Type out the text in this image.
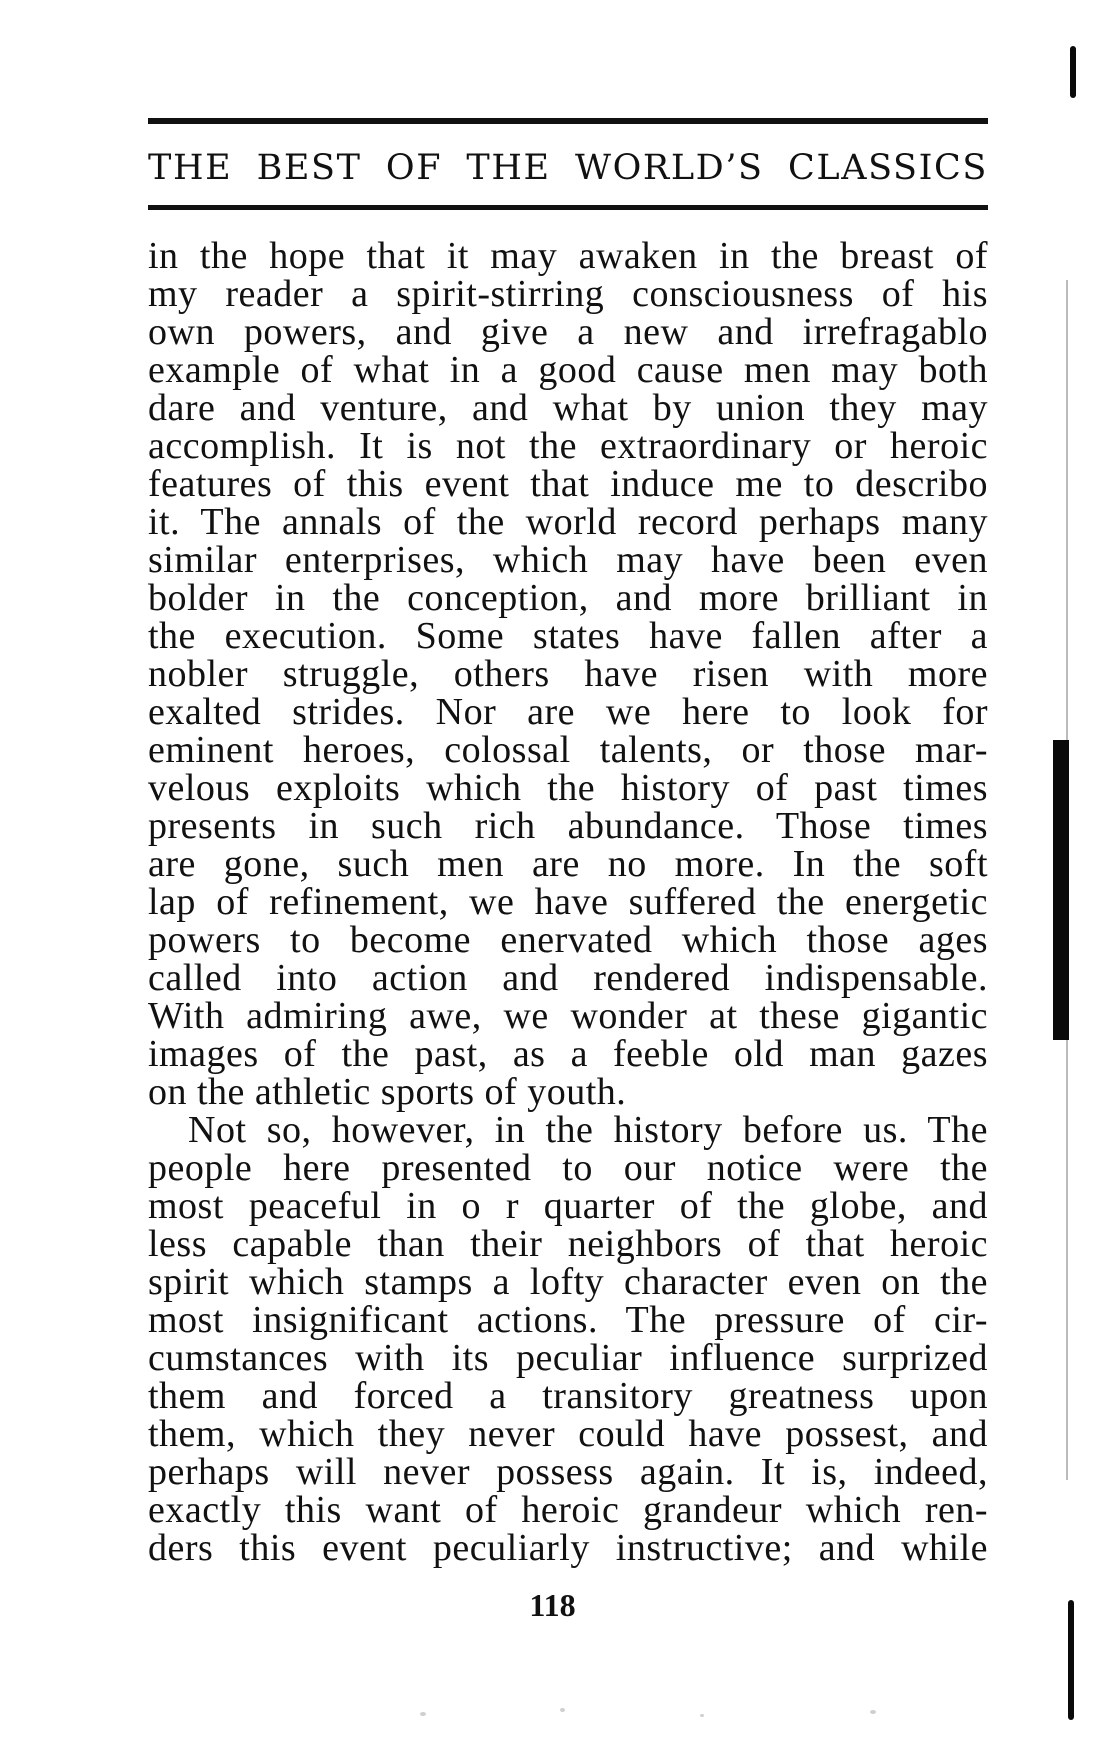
THE BEST OF THE WORLD’S CLASSICS
in the hope that it may awaken in the breast of
my reader a spirit-stirring consciousness of his
own powers, and give a new and irrefragablo
example of what in a good cause men may both
dare and venture, and what by union they may
accomplish. It is not the extraordinary or heroic
features of this event that induce me to describo
it. The annals of the world record perhaps many
similar enterprises, which may have been even
bolder in the conception, and more brilliant in
the execution. Some states have fallen after a
nobler struggle, others have risen with more
exalted strides. Nor are we here to look for
eminent heroes, colossal talents, or those mar-
velous exploits which the history of past times
presents in such rich abundance. Those times
are gone, such men are no more. In the soft
lap of refinement, we have suffered the energetic
powers to become enervated which those ages
called into action and rendered indispensable.
With admiring awe, we wonder at these gigantic
images of the past, as a feeble old man gazes
on the athletic sports of youth.
Not so, however, in the history before us. The
people here presented to our notice were the
most peaceful in o r quarter of the globe, and
less capable than their neighbors of that heroic
spirit which stamps a lofty character even on the
most insignificant actions. The pressure of cir-
cumstances with its peculiar influence surprized
them and forced a transitory greatness upon
them, which they never could have possest, and
perhaps will never possess again. It is, indeed,
exactly this want of heroic grandeur which ren-
ders this event peculiarly instructive; and while
118
